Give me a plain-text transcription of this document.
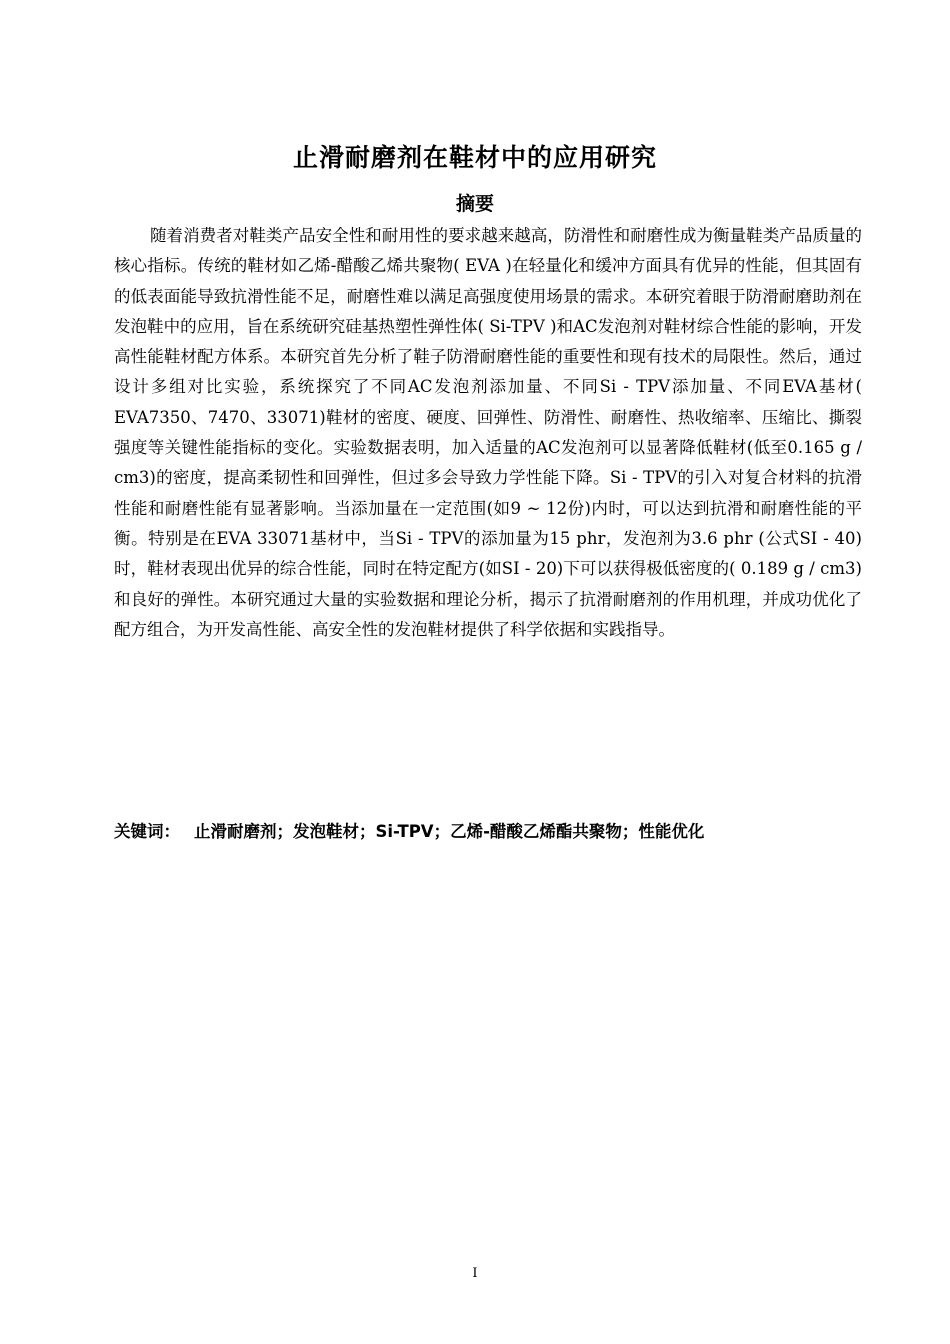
止滑耐磨剂在鞋材中的应用研究
摘要

随着消费者对鞋类产品安全性和耐用性的要求越来越高，防滑性和耐磨性成为衡量鞋类产品质量的核心指标。传统的鞋材如乙烯-醋酸乙烯共聚物( EVA )在轻量化和缓冲方面具有优异的性能，但其固有的低表面能导致抗滑性能不足，耐磨性难以满足高强度使用场景的需求。本研究着眼于防滑耐磨助剂在发泡鞋中的应用，旨在系统研究硅基热塑性弹性体( Si-TPV )和AC发泡剂对鞋材综合性能的影响，开发高性能鞋材配方体系。本研究首先分析了鞋子防滑耐磨性能的重要性和现有技术的局限性。然后，通过设计多组对比实验，系统探究了不同AC发泡剂添加量、不同Si - TPV添加量、不同EVA基材( EVA7350、7470、33071)鞋材的密度、硬度、回弹性、防滑性、耐磨性、热收缩率、压缩比、撕裂强度等关键性能指标的变化。实验数据表明，加入适量的AC发泡剂可以显著降低鞋材(低至0.165 g / cm3)的密度，提高柔韧性和回弹性，但过多会导致力学性能下降。Si - TPV的引入对复合材料的抗滑性能和耐磨性能有显著影响。当添加量在一定范围(如9 ~ 12份)内时，可以达到抗滑和耐磨性能的平衡。特别是在EVA 33071基材中，当Si - TPV的添加量为15 phr，发泡剂为3.6 phr (公式SI - 40)时，鞋材表现出优异的综合性能，同时在特定配方(如SI - 20)下可以获得极低密度的( 0.189 g / cm3)和良好的弹性。本研究通过大量的实验数据和理论分析，揭示了抗滑耐磨剂的作用机理，并成功优化了配方组合，为开发高性能、高安全性的发泡鞋材提供了科学依据和实践指导。

关键词： 止滑耐磨剂；发泡鞋材；Si-TPV；乙烯-醋酸乙烯酯共聚物；性能优化
I
